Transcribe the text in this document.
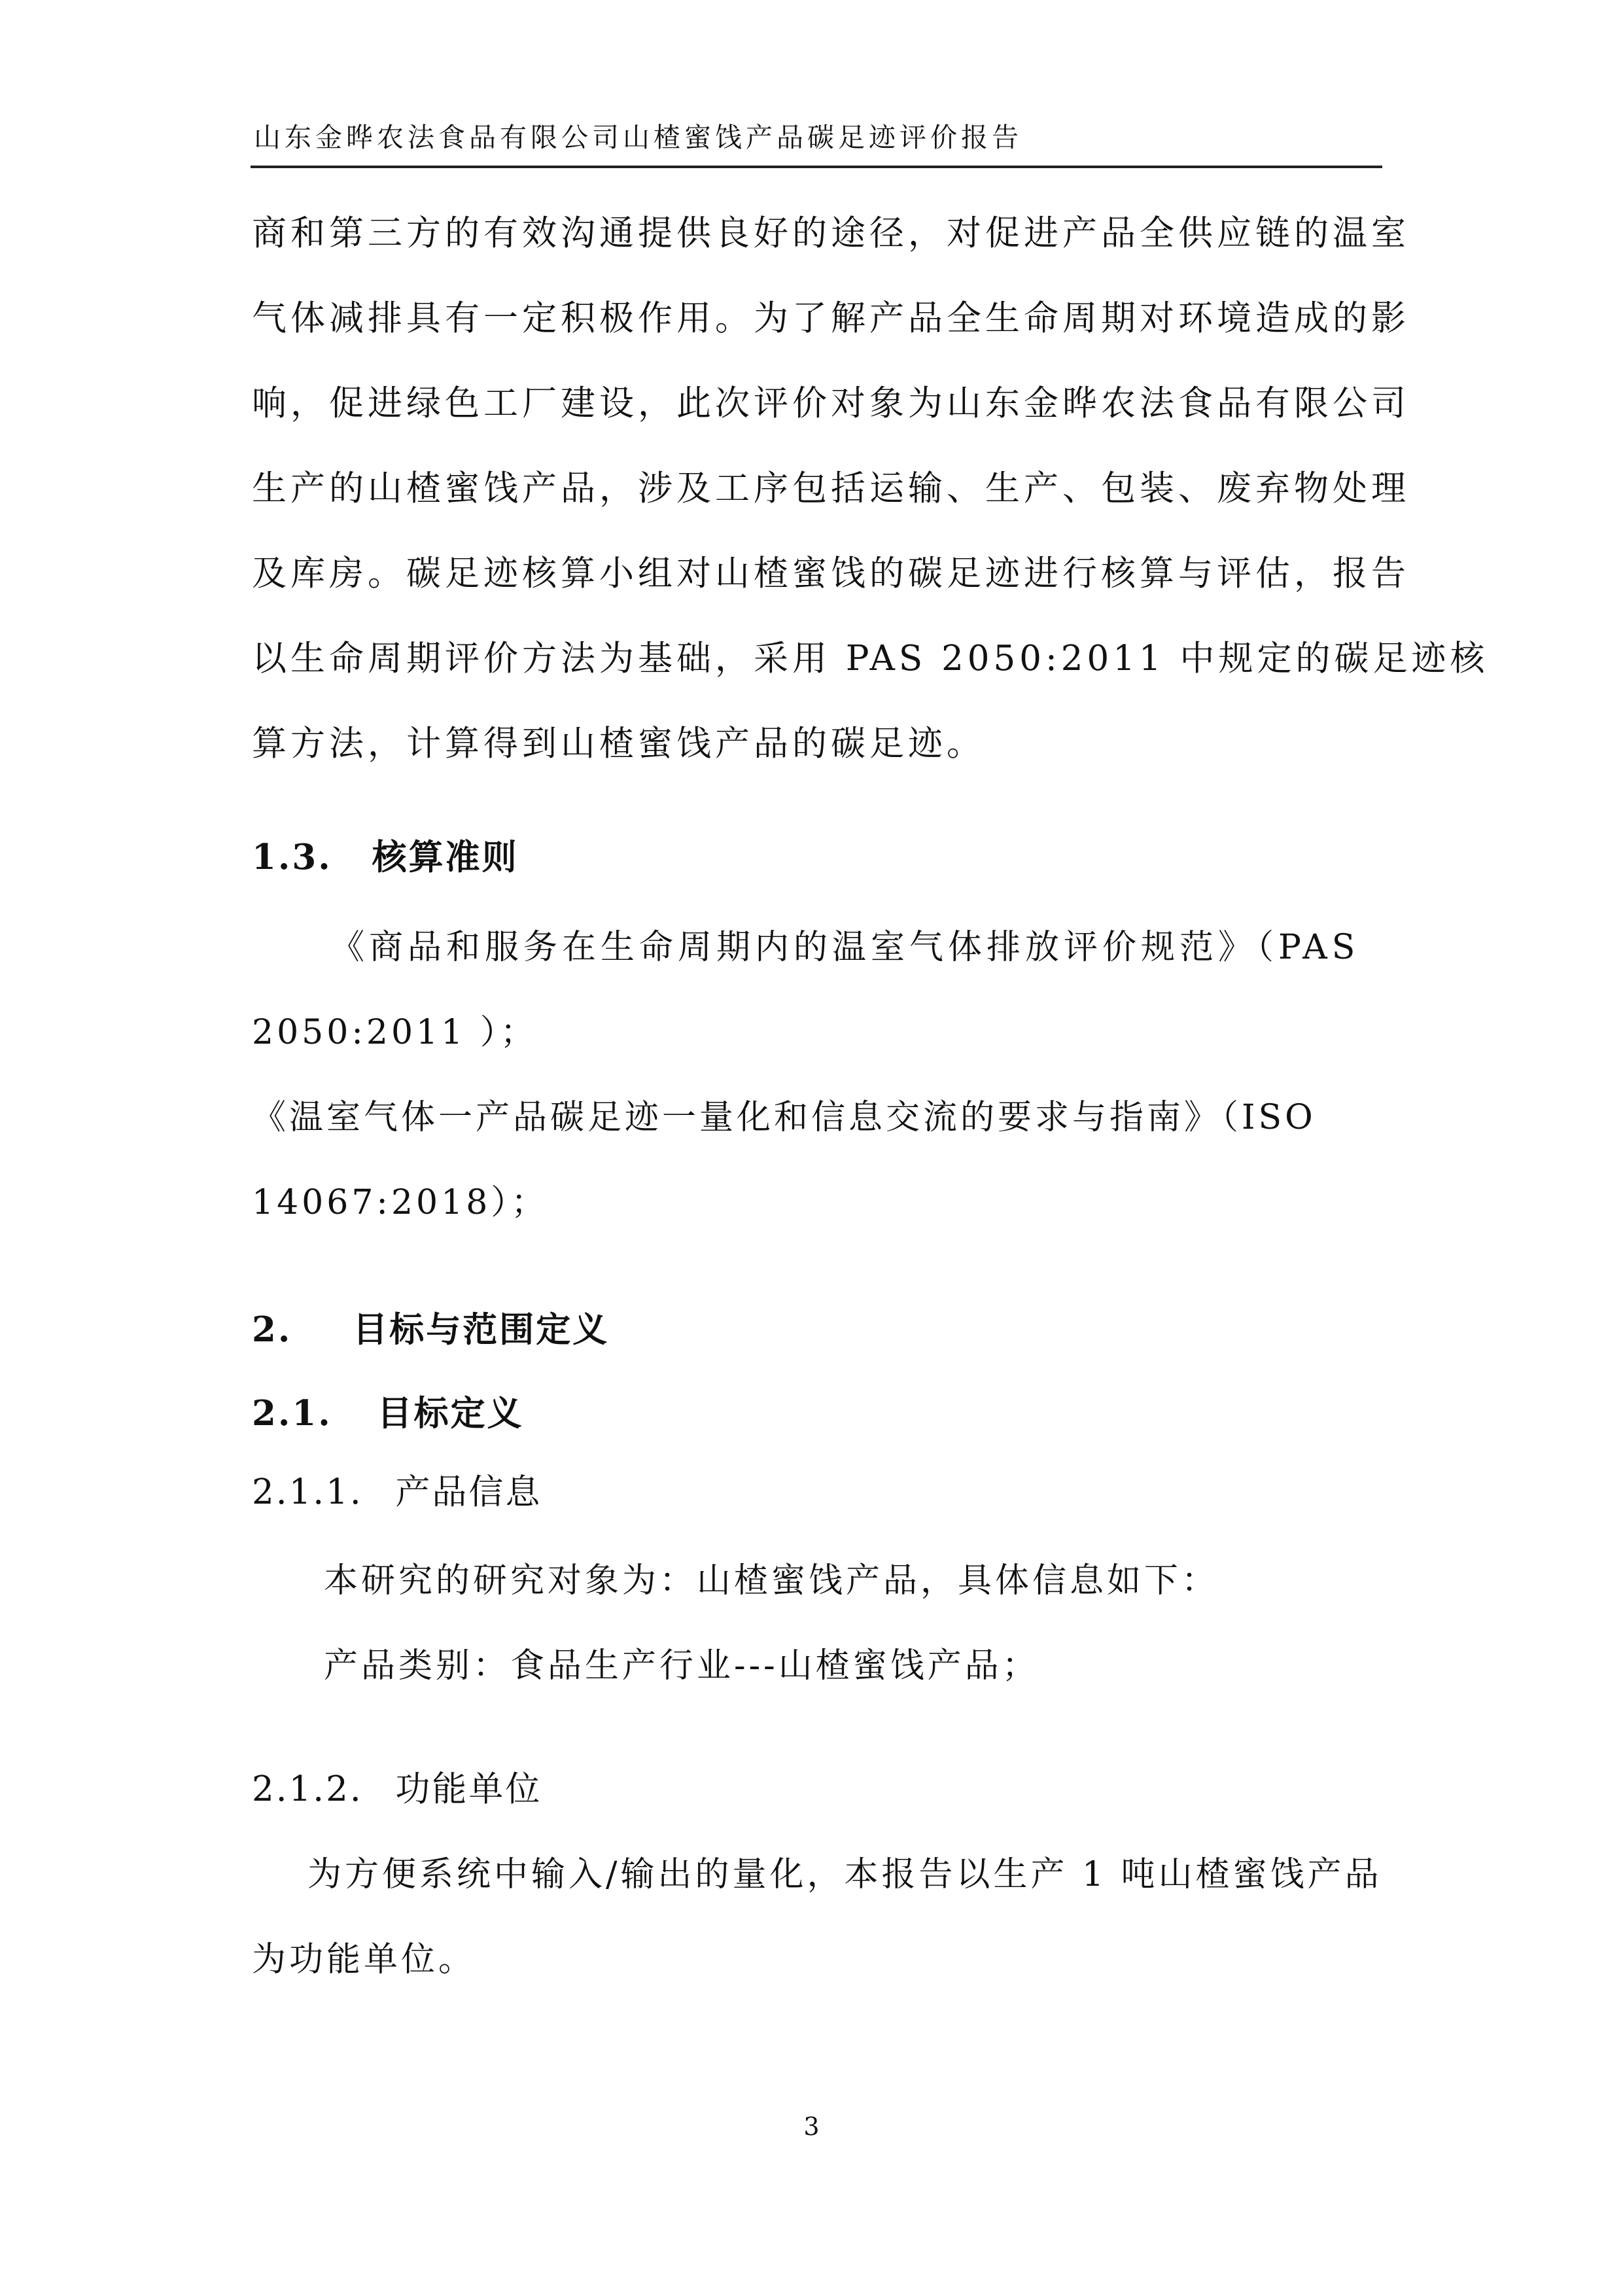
山东金晔农法食品有限公司山楂蜜饯产品碳足迹评价报告
商和第三方的有效沟通提供良好的途径，对促进产品全供应链的温室
气体减排具有一定积极作用。为了解产品全生命周期对环境造成的影
响，促进绿色工厂建设，此次评价对象为山东金晔农法食品有限公司
生产的山楂蜜饯产品，涉及工序包括运输、生产、包装、废弃物处理
及库房。碳足迹核算小组对山楂蜜饯的碳足迹进行核算与评估，报告
以生命周期评价方法为基础，采用 PAS 2050:2011 中规定的碳足迹核
算方法，计算得到山楂蜜饯产品的碳足迹。
1.3. 核算准则
《商品和服务在生命周期内的温室气体排放评价规范》（PAS
2050:2011 ）；
《温室气体一产品碳足迹一量化和信息交流的要求与指南》（ISO
14067:2018）；
2. 目标与范围定义
2.1. 目标定义
2.1.1. 产品信息
本研究的研究对象为：山楂蜜饯产品，具体信息如下：
产品类别：食品生产行业---山楂蜜饯产品；
2.1.2. 功能单位
为方便系统中输入/输出的量化，本报告以生产 1 吨山楂蜜饯产品
为功能单位。
3
